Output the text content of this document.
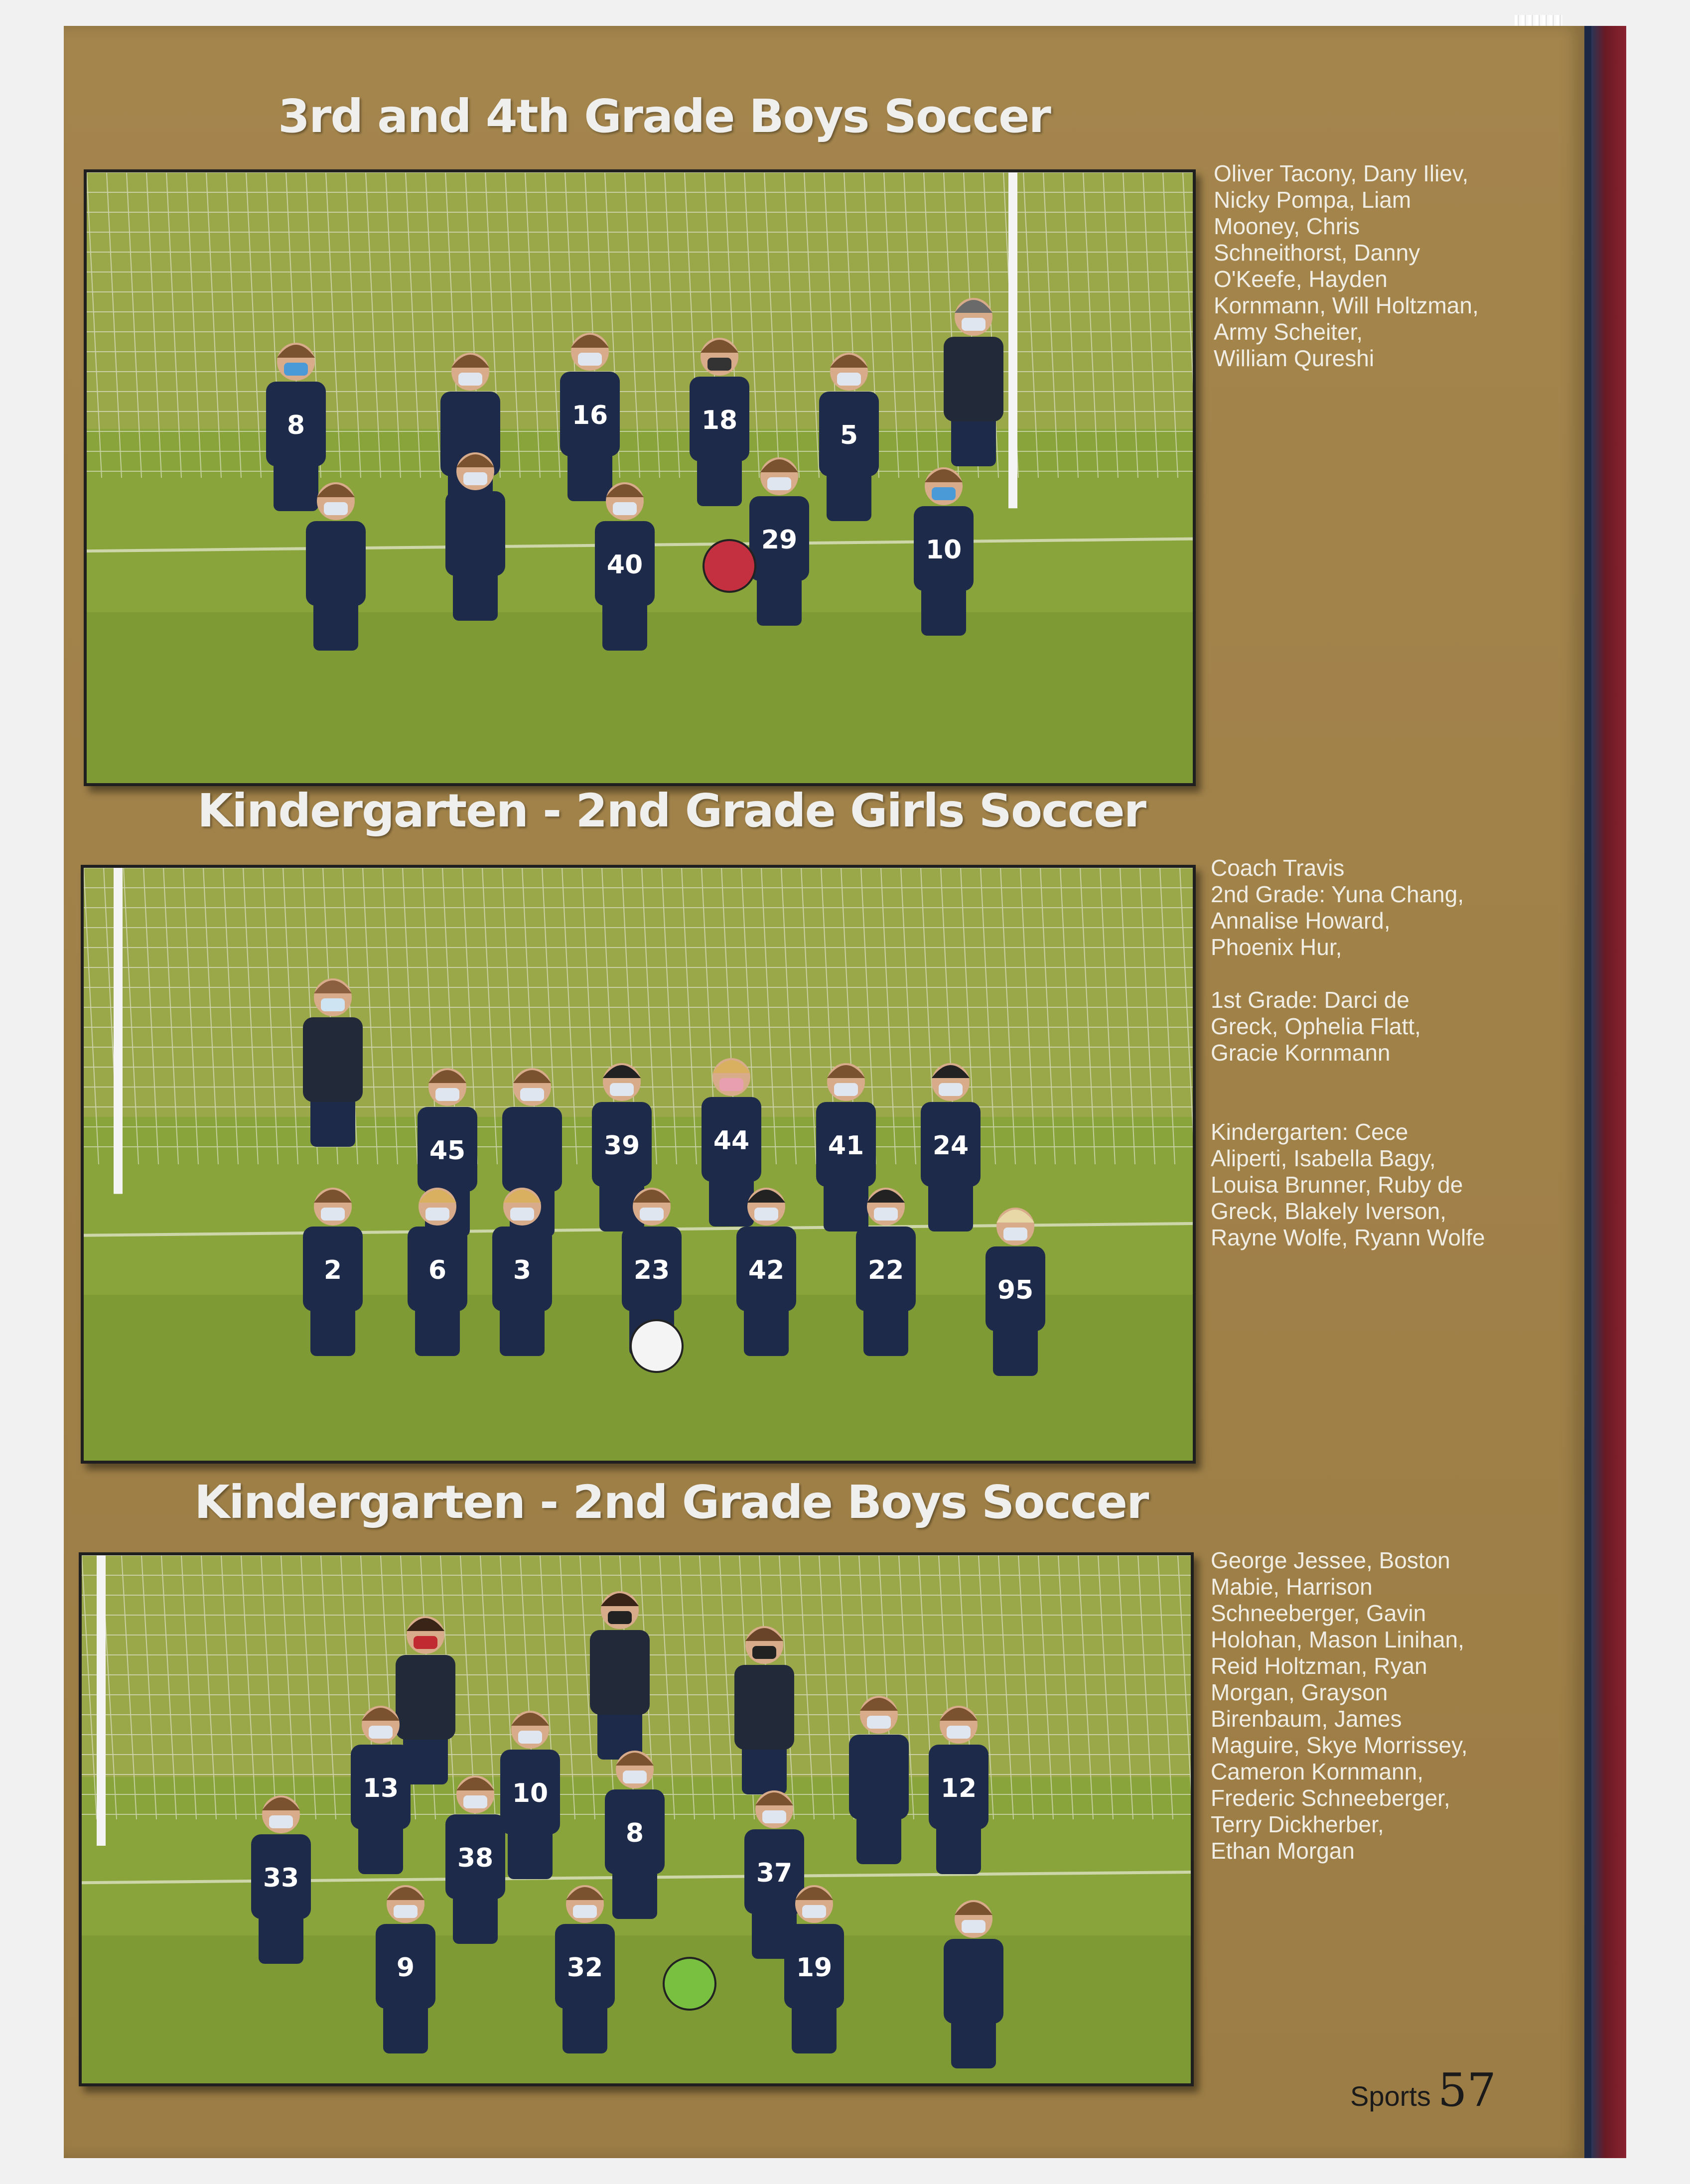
3rd and 4th Grade Boys Soccer
8	16	18	5
40
29	10
Oliver Tacony, Dany Iliev,
Nicky Pompa, Liam
Mooney, Chris
Schneithorst, Danny
O'Keefe, Hayden
Kornmann, Will Holtzman,
Army Scheiter,
William Qureshi
Kindergarten - 2nd Grade Girls Soccer
45	39	44	41	24
2	6	3	23	42	22
95
Coach Travis
2nd Grade: Yuna Chang,
Annalise Howard,
Phoenix Hur,

1st Grade: Darci de
Greck, Ophelia Flatt,
Gracie Kornmann

Kindergarten: Cece
Aliperti, Isabella Bagy,
Louisa Brunner, Ruby de
Greck, Blakely Iverson,
Rayne Wolfe, Ryann Wolfe
Kindergarten - 2nd Grade Boys Soccer
13	10	12
33
38
8
37
32	19
9
George Jessee, Boston
Mabie, Harrison
Schneeberger, Gavin
Holohan, Mason Linihan,
Reid Holtzman, Ryan
Morgan, Grayson
Birenbaum, James
Maguire, Skye Morrissey,
Cameron Kornmann,
Frederic Schneeberger,
Terry Dickherber,
Ethan Morgan
Sports 57
